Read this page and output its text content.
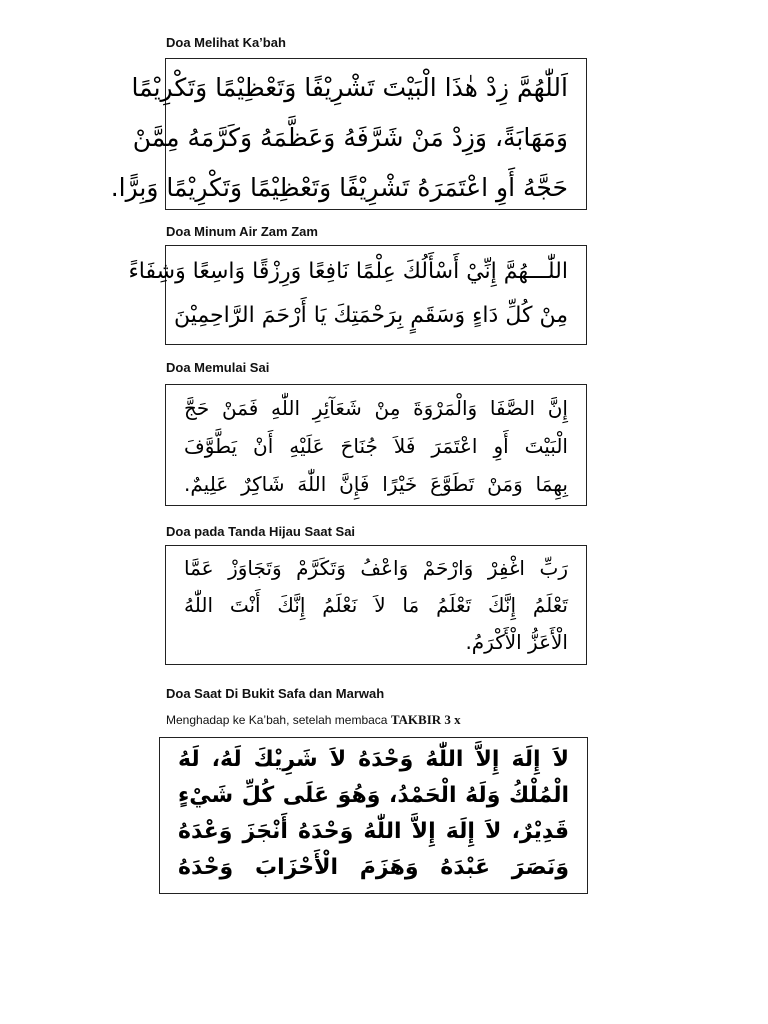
Doa Melihat Ka’bah
اَللّٰهُمَّ زِدْ هٰذَا الْبَيْتَ تَشْرِيْفًا وَتَعْظِيْمًا وَتَكْرِيْمًا
وَمَهَابَةً، وَزِدْ مَنْ شَرَّفَهُ وَعَظَّمَهُ وَكَرَّمَهُ مِمَّنْ
حَجَّهُ أَوِ اعْتَمَرَهُ تَشْرِيْفًا وَتَعْظِيْمًا وَتَكْرِيْمًا وَبِرًّا.
Doa Minum Air Zam Zam
اللّٰـــهُمَّ إِنِّيْ أَسْأَلُكَ عِلْمًا نَافِعًا وَرِزْقًا وَاسِعًا وَشِفَاءً
مِنْ كُلِّ دَاءٍ وَسَقَمٍ بِرَحْمَتِكَ يَا أَرْحَمَ الرَّاحِمِيْنَ
Doa Memulai Sai
إِنَّ الصَّفَا وَالْمَرْوَةَ مِنْ شَعَآئِرِ اللّٰهِ فَمَنْ حَجَّ
الْبَيْتَ أَوِ اعْتَمَرَ فَلاَ جُنَاحَ عَلَيْهِ أَنْ يَطَّوَّفَ
بِهِمَا وَمَنْ تَطَوَّعَ خَيْرًا فَإِنَّ اللّٰهَ شَاكِرٌ عَلِيمٌ.
Doa pada Tanda Hijau Saat Sai
رَبِّ اغْفِرْ وَارْحَمْ وَاعْفُ وَتَكَرَّمْ وَتَجَاوَزْ عَمَّا
تَعْلَمُ إِنَّكَ تَعْلَمُ مَا لاَ نَعْلَمُ إِنَّكَ أَنْتَ اللّٰهُ
الْأَعَزُّ الْأَكْرَمُ.
Doa Saat Di Bukit Safa dan Marwah
Menghadap ke Ka’bah, setelah membaca TAKBIR 3 x
لاَ إِلَهَ إِلاَّ اللّٰهُ وَحْدَهُ لاَ شَرِيْكَ لَهُ، لَهُ
الْمُلْكُ وَلَهُ الْحَمْدُ، وَهُوَ عَلَى كُلِّ شَيْءٍ
قَدِيْرٌ، لاَ إِلَهَ إِلاَّ اللّٰهُ وَحْدَهُ أَنْجَزَ وَعْدَهُ
وَنَصَرَ عَبْدَهُ وَهَزَمَ الْأَحْزَابَ وَحْدَهُ
